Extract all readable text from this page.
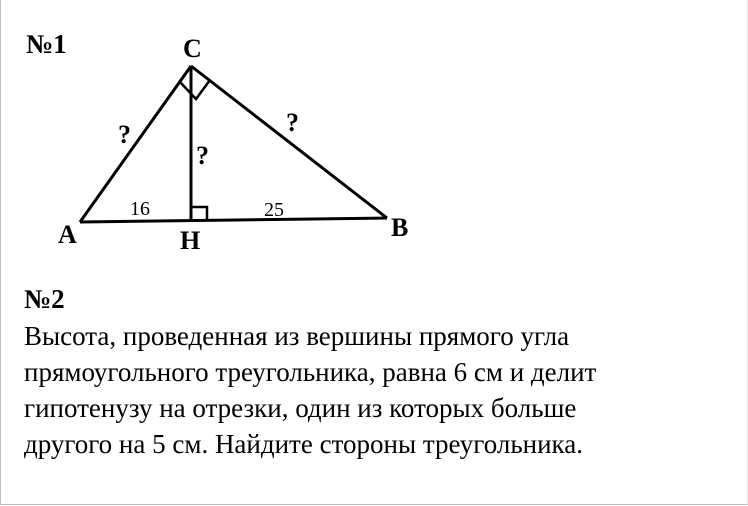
№1	C
A	B
H
?
?
?
16	25
№2
Высота, проведенная из вершины прямого угла
прямоугольного треугольника, равна 6 см и делит
гипотенузу на отрезки, один из которых больше
другого на 5 см. Найдите стороны треугольника.
